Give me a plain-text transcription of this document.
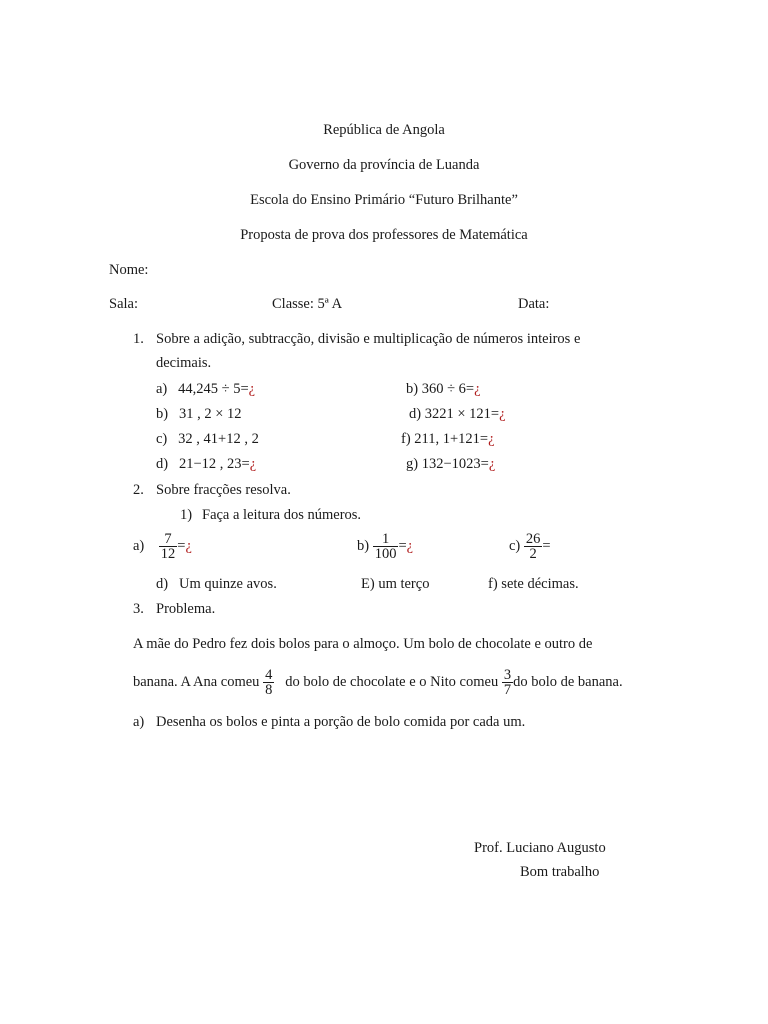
República de Angola
Governo da província de Luanda
Escola do Ensino Primário “Futuro Brilhante”
Proposta de prova dos professores de Matemática
Nome:
Sala:	Classe: 5ª A	Data:
1. Sobre a adição, subtracção, divisão e multiplicação de números inteiros e
decimais.
a) 44,245 ÷ 5=¿	b) 360 ÷ 6=¿
b) 31 , 2 × 12	d) 3221 × 121=¿
c) 32 , 41+12 , 2	f) 211, 1+121=¿
d) 21−12 , 23=¿	g) 132−1023=¿
2. Sobre fracções resolva.
1) Faça a leitura dos números.
$a) \frac{7}{12}$ =¿	$b) \frac{1}{100}$ =¿	$c) \frac{26}{2}$ =
d) Um quinze avos.	E) um terço	f) sete décimas.
3. Problema.
A mãe do Pedro fez dois bolos para o almoço. Um bolo de chocolate e outro de
banana. A Ana comeu $\frac{4}{8}$ do bolo de chocolate e o Nito comeu $\frac{3}{7}$ do bolo de banana.
a) Desenha os bolos e pinta a porção de bolo comida por cada um.
Prof. Luciano Augusto
Bom trabalho
